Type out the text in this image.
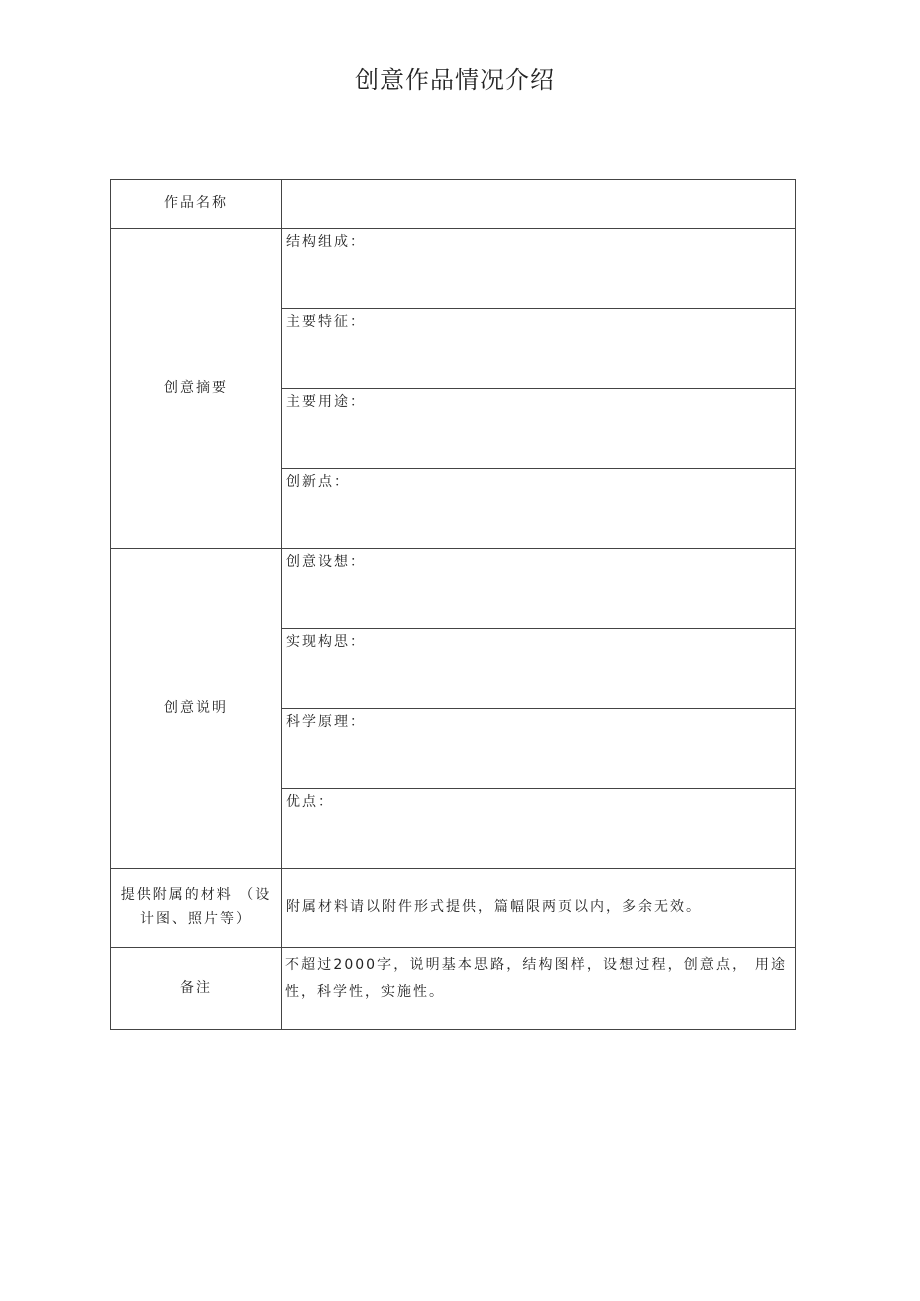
创意作品情况介绍
作品名称	
创意摘要	结构组成：
	主要特征：
	主要用途：
	创新点：
创意说明	创意设想：
	实现构思：
	科学原理：
	优点：

提供附属的材料 （设
计图、照片等）	附属材料请以附件形式提供，篇幅限两页以内，多余无效。
备注	不超过2000字，说明基本思路，结构图样，设想过程，创意点， 用途性，科学性，实施性。
